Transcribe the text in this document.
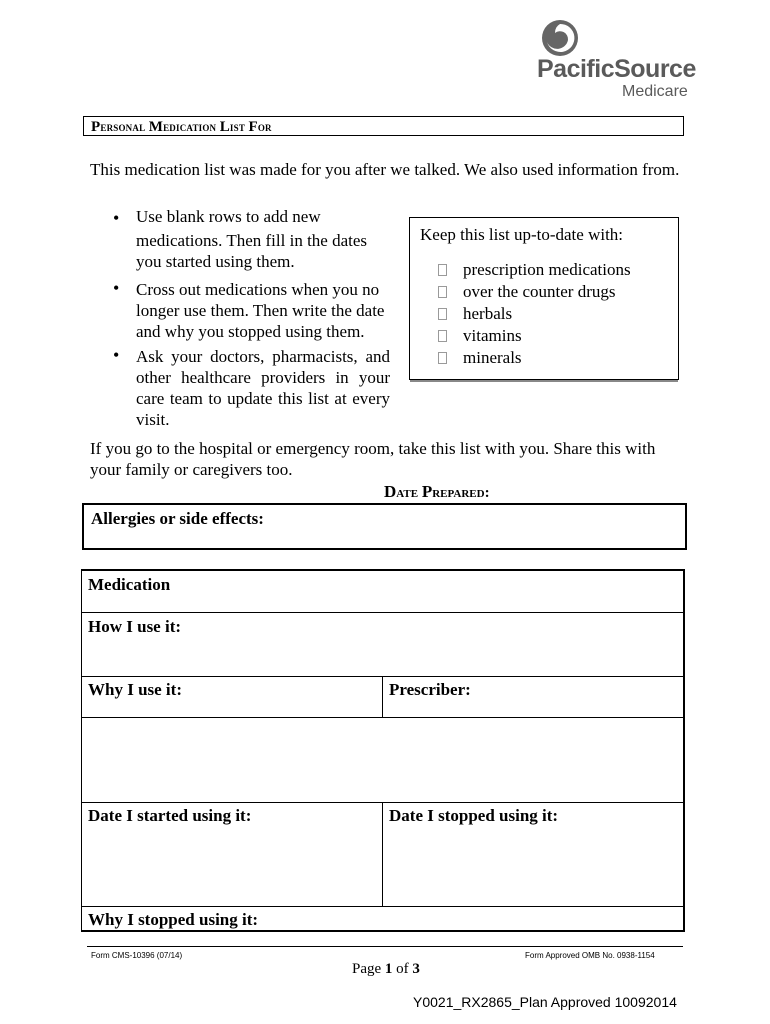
PacificSource
Medicare
Personal Medication List For
This medication list was made for you after we talked. We also used information from.
• Use blank rows to add new
medications. Then fill in the dates you started using them.
• Cross out medications when you no longer use them. Then write the date and why you stopped using them.
• Ask your doctors, pharmacists, and other healthcare providers in your care team to update this list at every visit.
Keep this list up-to-date with:
prescription medications
over the counter drugs
herbals
vitamins
minerals
If you go to the hospital or emergency room, take this list with you. Share this with your family or caregivers too.
Date Prepared:
Allergies or side effects:
Medication
How I use it:
Why I use it:	Prescriber:
Date I started using it:	Date I stopped using it:
Why I stopped using it:
Form CMS-10396 (07/14)	Form Approved OMB No. 0938-1154
Page 1 of 3
Y0021_RX2865_Plan Approved 10092014
